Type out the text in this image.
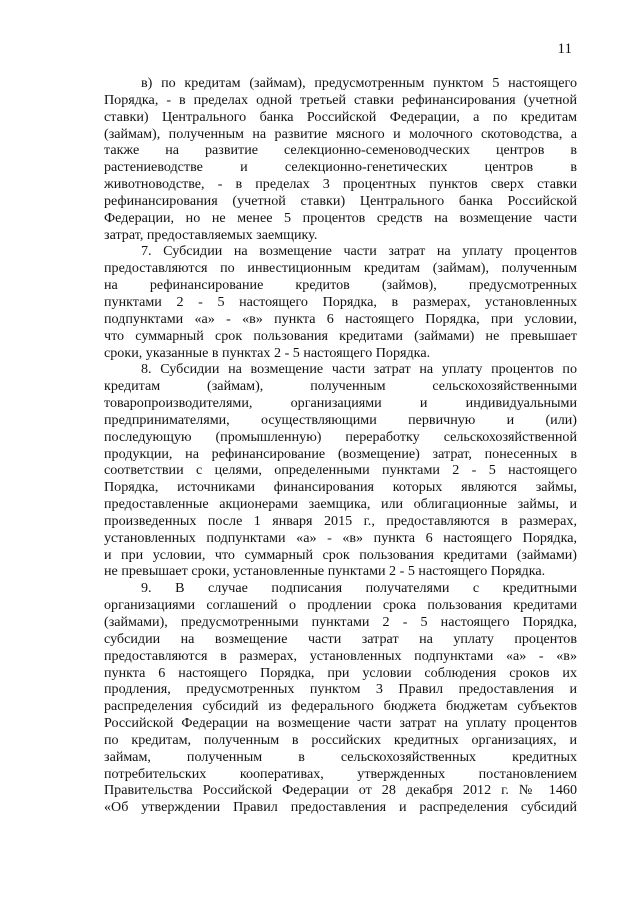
11
в) по кредитам (займам), предусмотренным пунктом 5 настоящего
Порядка, - в пределах одной третьей ставки рефинансирования (учетной
ставки) Центрального банка Российской Федерации, а по кредитам
(займам), полученным на развитие мясного и молочного скотоводства, а
также на развитие селекционно-семеноводческих центров в
растениеводстве и селекционно-генетических центров в
животноводстве, - в пределах 3 процентных пунктов сверх ставки
рефинансирования (учетной ставки) Центрального банка Российской
Федерации, но не менее 5 процентов средств на возмещение части
затрат, предоставляемых заемщику.
7. Субсидии на возмещение части затрат на уплату процентов
предоставляются по инвестиционным кредитам (займам), полученным
на рефинансирование кредитов (займов), предусмотренных
пунктами 2 - 5 настоящего Порядка, в размерах, установленных
подпунктами «а» - «в» пункта 6 настоящего Порядка, при условии,
что суммарный срок пользования кредитами (займами) не превышает
сроки, указанные в пунктах 2 - 5 настоящего Порядка.
8. Субсидии на возмещение части затрат на уплату процентов по
кредитам (займам), полученным сельскохозяйственными
товаропроизводителями, организациями и индивидуальными
предпринимателями, осуществляющими первичную и (или)
последующую (промышленную) переработку сельскохозяйственной
продукции, на рефинансирование (возмещение) затрат, понесенных в
соответствии с целями, определенными пунктами 2 - 5 настоящего
Порядка, источниками финансирования которых являются займы,
предоставленные акционерами заемщика, или облигационные займы, и
произведенных после 1 января 2015 г., предоставляются в размерах,
установленных подпунктами «а» - «в» пункта 6 настоящего Порядка,
и при условии, что суммарный срок пользования кредитами (займами)
не превышает сроки, установленные пунктами 2 - 5 настоящего Порядка.
9. В случае подписания получателями с кредитными
организациями соглашений о продлении срока пользования кредитами
(займами), предусмотренными пунктами 2 - 5 настоящего Порядка,
субсидии на возмещение части затрат на уплату процентов
предоставляются в размерах, установленных подпунктами «а» - «в»
пункта 6 настоящего Порядка, при условии соблюдения сроков их
продления, предусмотренных пунктом 3 Правил предоставления и
распределения субсидий из федерального бюджета бюджетам субъектов
Российской Федерации на возмещение части затрат на уплату процентов
по кредитам, полученным в российских кредитных организациях, и
займам, полученным в сельскохозяйственных кредитных
потребительских кооперативах, утвержденных постановлением
Правительства Российской Федерации от 28 декабря 2012 г. № 1460
«Об утверждении Правил предоставления и распределения субсидий
